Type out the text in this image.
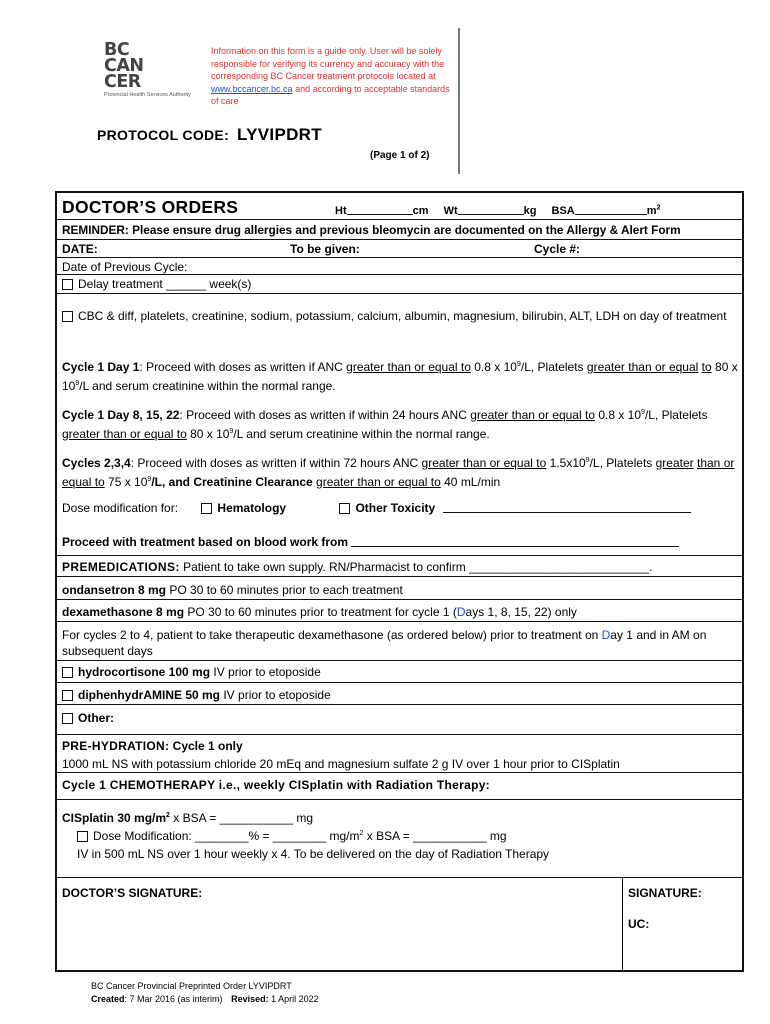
BC
CAN
CER
Provincial Health Services Authority
Information on this form is a guide only. User will be solely responsible for verifying its currency and accuracy with the corresponding BC Cancer treatment protocols located at www.bccancer.bc.ca and according to acceptable standards of care
PROTOCOL CODE: LYVIPDRT
(Page 1 of 2)
DOCTOR’S ORDERS	Ht	cm Wt	kg BSA	$m^2$
REMINDER: Please ensure drug allergies and previous bleomycin are documented on the Allergy & Alert Form
DATE:	To be given:	Cycle #:
Date of Previous Cycle:
Delay treatment ______ week(s)
CBC & diff, platelets, creatinine, sodium, potassium, calcium, albumin, magnesium, bilirubin, ALT, LDH on day of treatment
Cycle 1 Day 1: Proceed with doses as written if ANC greater than or equal to 0.8 x $10^9/L$, Platelets greater than or equal to 80 x $10^9/L$ and serum creatinine within the normal range.
Cycle 1 Day 8, 15, 22: Proceed with doses as written if within 24 hours ANC greater than or equal to 0.8 x $10^9/L$, Platelets greater than or equal to 80 x $10^9/L$ and serum creatinine within the normal range.
Cycles 2,3,4: Proceed with doses as written if within 72 hours ANC greater than or equal to $1.5x10^9/L$, Platelets greater than or equal to 75 x $10^9/L$, and Creatinine Clearance greater than or equal to 40 mL/min
Dose modification for:	Hematology	Other Toxicity
Proceed with treatment based on blood work from
PREMEDICATIONS: Patient to take own supply. RN/Pharmacist to confirm ___________________________.
ondansetron 8 mg PO 30 to 60 minutes prior to each treatment
dexamethasone 8 mg PO 30 to 60 minutes prior to treatment for cycle 1 (Days 1, 8, 15, 22) only
For cycles 2 to 4, patient to take therapeutic dexamethasone (as ordered below) prior to treatment on Day 1 and in AM on subsequent days
hydrocortisone 100 mg IV prior to etoposide
diphenhydrAMINE 50 mg IV prior to etoposide
Other:
PRE-HYDRATION: Cycle 1 only
1000 mL NS with potassium chloride 20 mEq and magnesium sulfate 2 g IV over 1 hour prior to CISplatin
Cycle 1 CHEMOTHERAPY i.e., weekly CISplatin with Radiation Therapy:
CISplatin 30 $mg/m^2$ x BSA = ___________ mg
Dose Modification: ________% = ________ $mg/m^2$ x BSA = ___________ mg
IV in 500 mL NS over 1 hour weekly x 4. To be delivered on the day of Radiation Therapy
DOCTOR’S SIGNATURE:	SIGNATURE:
UC:
BC Cancer Provincial Preprinted Order LYVIPDRT
Created: 7 Mar 2016 (as interim) Revised: 1 April 2022
